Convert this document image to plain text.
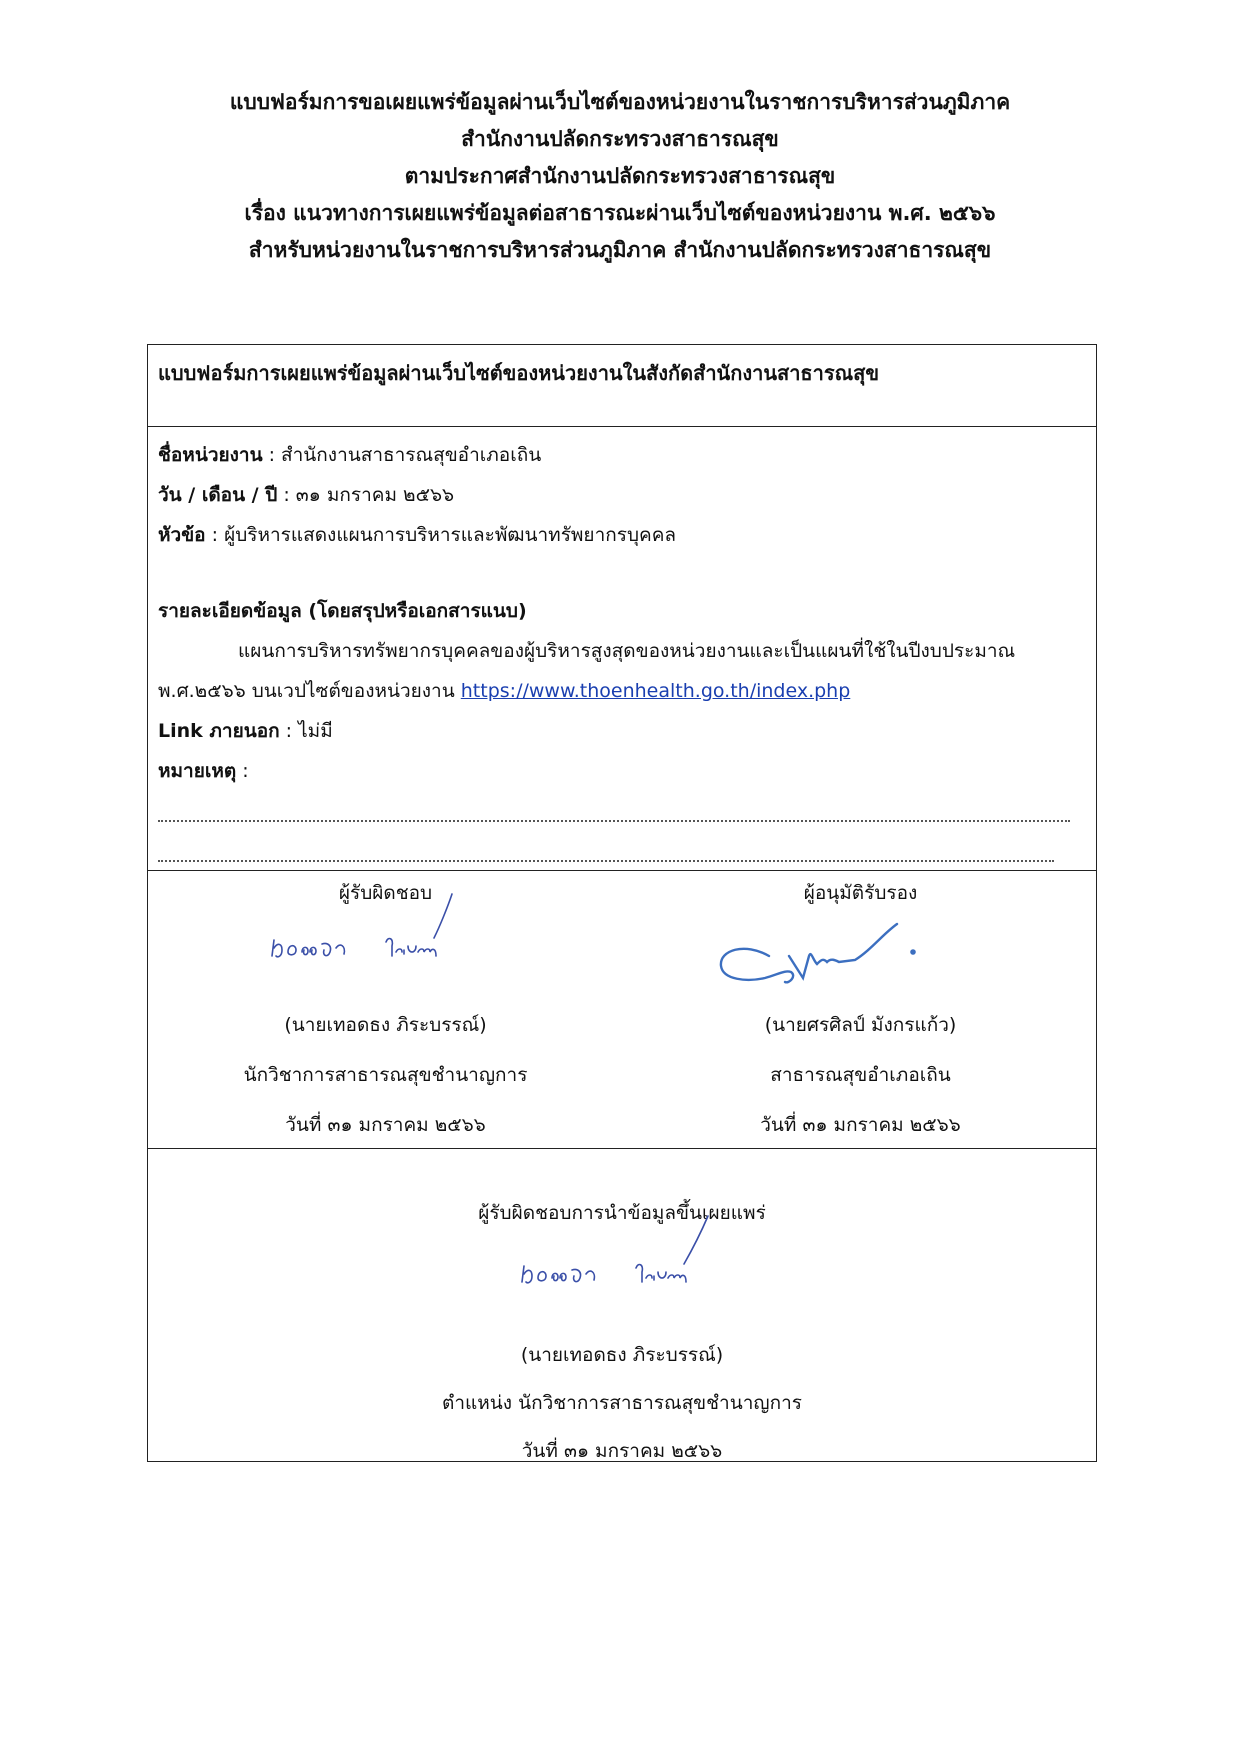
แบบฟอร์มการขอเผยแพร่ข้อมูลผ่านเว็บไซต์ของหน่วยงานในราชการบริหารส่วนภูมิภาค
สำนักงานปลัดกระทรวงสาธารณสุข
ตามประกาศสำนักงานปลัดกระทรวงสาธารณสุข
เรื่อง แนวทางการเผยแพร่ข้อมูลต่อสาธารณะผ่านเว็บไซต์ของหน่วยงาน พ.ศ. ๒๕๖๖
สำหรับหน่วยงานในราชการบริหารส่วนภูมิภาค สำนักงานปลัดกระทรวงสาธารณสุข
แบบฟอร์มการเผยแพร่ข้อมูลผ่านเว็บไซต์ของหน่วยงานในสังกัดสำนักงานสาธารณสุข
ชื่อหน่วยงาน : สำนักงานสาธารณสุขอำเภอเถิน
วัน / เดือน / ปี : ๓๑ มกราคม ๒๕๖๖
หัวข้อ : ผู้บริหารแสดงแผนการบริหารและพัฒนาทรัพยากรบุคคล
รายละเอียดข้อมูล (โดยสรุปหรือเอกสารแนบ)
แผนการบริหารทรัพยากรบุคคลของผู้บริหารสูงสุดของหน่วยงานและเป็นแผนที่ใช้ในปีงบประมาณ
พ.ศ.๒๕๖๖ บนเวปไซต์ของหน่วยงาน https://www.thoenhealth.go.th/index.php
Link ภายนอก : ไม่มี
หมายเหตุ :
ผู้รับผิดชอบ
(นายเทอดธง ภิระบรรณ์)
นักวิชาการสาธารณสุขชำนาญการ
วันที่ ๓๑ มกราคม ๒๕๖๖
ผู้อนุมัติรับรอง
(นายศรศิลป์ มังกรแก้ว)
สาธารณสุขอำเภอเถิน
วันที่ ๓๑ มกราคม ๒๕๖๖
ผู้รับผิดชอบการนำข้อมูลขึ้นเผยแพร่
(นายเทอดธง ภิระบรรณ์)
ตำแหน่ง นักวิชาการสาธารณสุขชำนาญการ
วันที่ ๓๑ มกราคม ๒๕๖๖
